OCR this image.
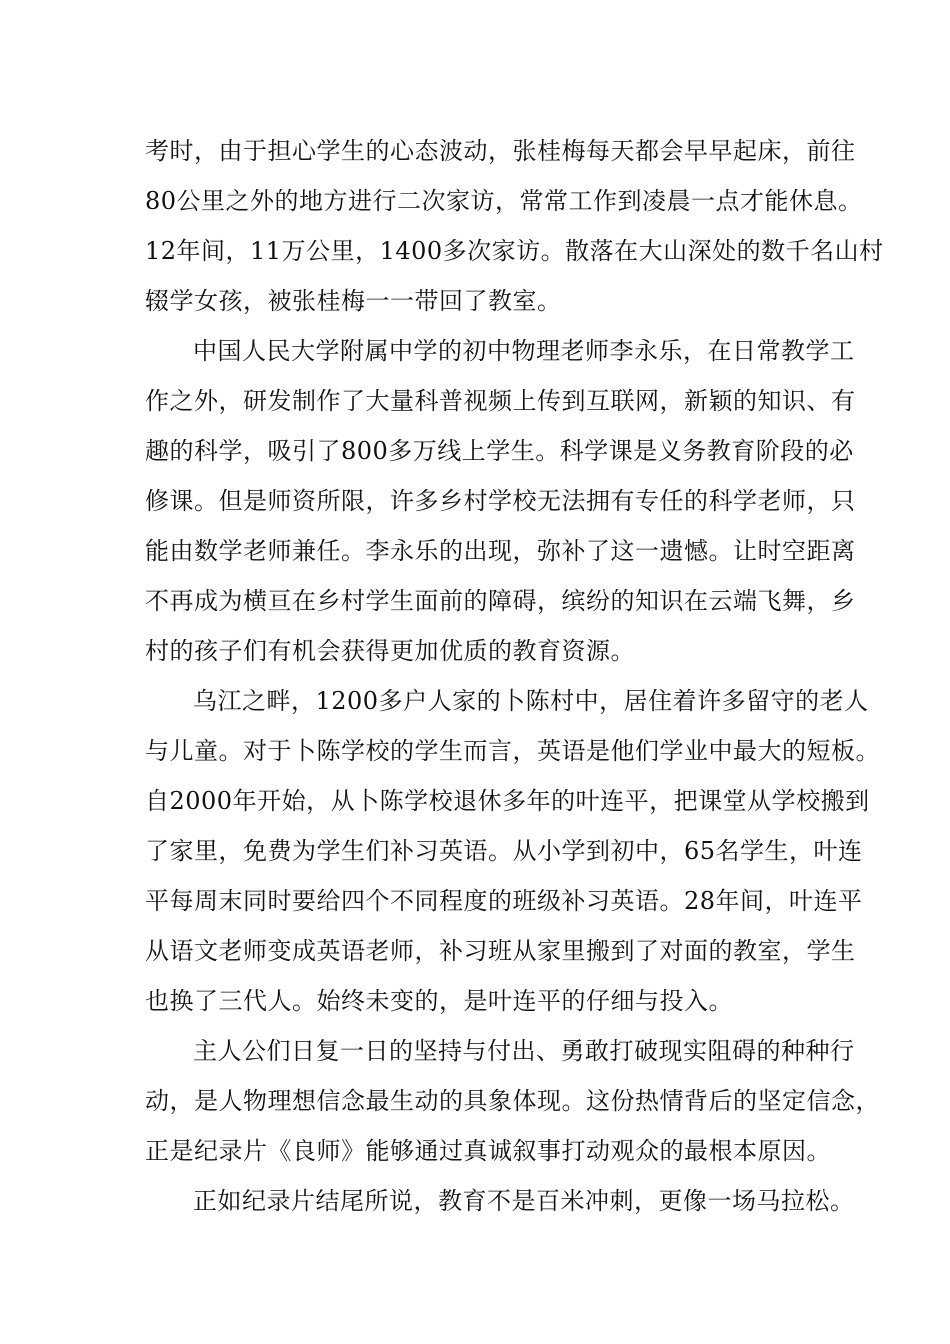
考时，由于担心学生的心态波动，张桂梅每天都会早早起床，前往
80公里之外的地方进行二次家访，常常工作到凌晨一点才能休息。
12年间，11万公里，1400多次家访。散落在大山深处的数千名山村
辍学女孩，被张桂梅一一带回了教室。

中国人民大学附属中学的初中物理老师李永乐，在日常教学工
作之外，研发制作了大量科普视频上传到互联网，新颖的知识、有
趣的科学，吸引了800多万线上学生。科学课是义务教育阶段的必
修课。但是师资所限，许多乡村学校无法拥有专任的科学老师，只
能由数学老师兼任。李永乐的出现，弥补了这一遗憾。让时空距离
不再成为横亘在乡村学生面前的障碍，缤纷的知识在云端飞舞，乡
村的孩子们有机会获得更加优质的教育资源。

乌江之畔，1200多户人家的卜陈村中，居住着许多留守的老人
与儿童。对于卜陈学校的学生而言，英语是他们学业中最大的短板。
自2000年开始，从卜陈学校退休多年的叶连平，把课堂从学校搬到
了家里，免费为学生们补习英语。从小学到初中，65名学生，叶连
平每周末同时要给四个不同程度的班级补习英语。28年间，叶连平
从语文老师变成英语老师，补习班从家里搬到了对面的教室，学生
也换了三代人。始终未变的，是叶连平的仔细与投入。

主人公们日复一日的坚持与付出、勇敢打破现实阻碍的种种行
动，是人物理想信念最生动的具象体现。这份热情背后的坚定信念，
正是纪录片《良师》能够通过真诚叙事打动观众的最根本原因。

正如纪录片结尾所说，教育不是百米冲刺，更像一场马拉松。
